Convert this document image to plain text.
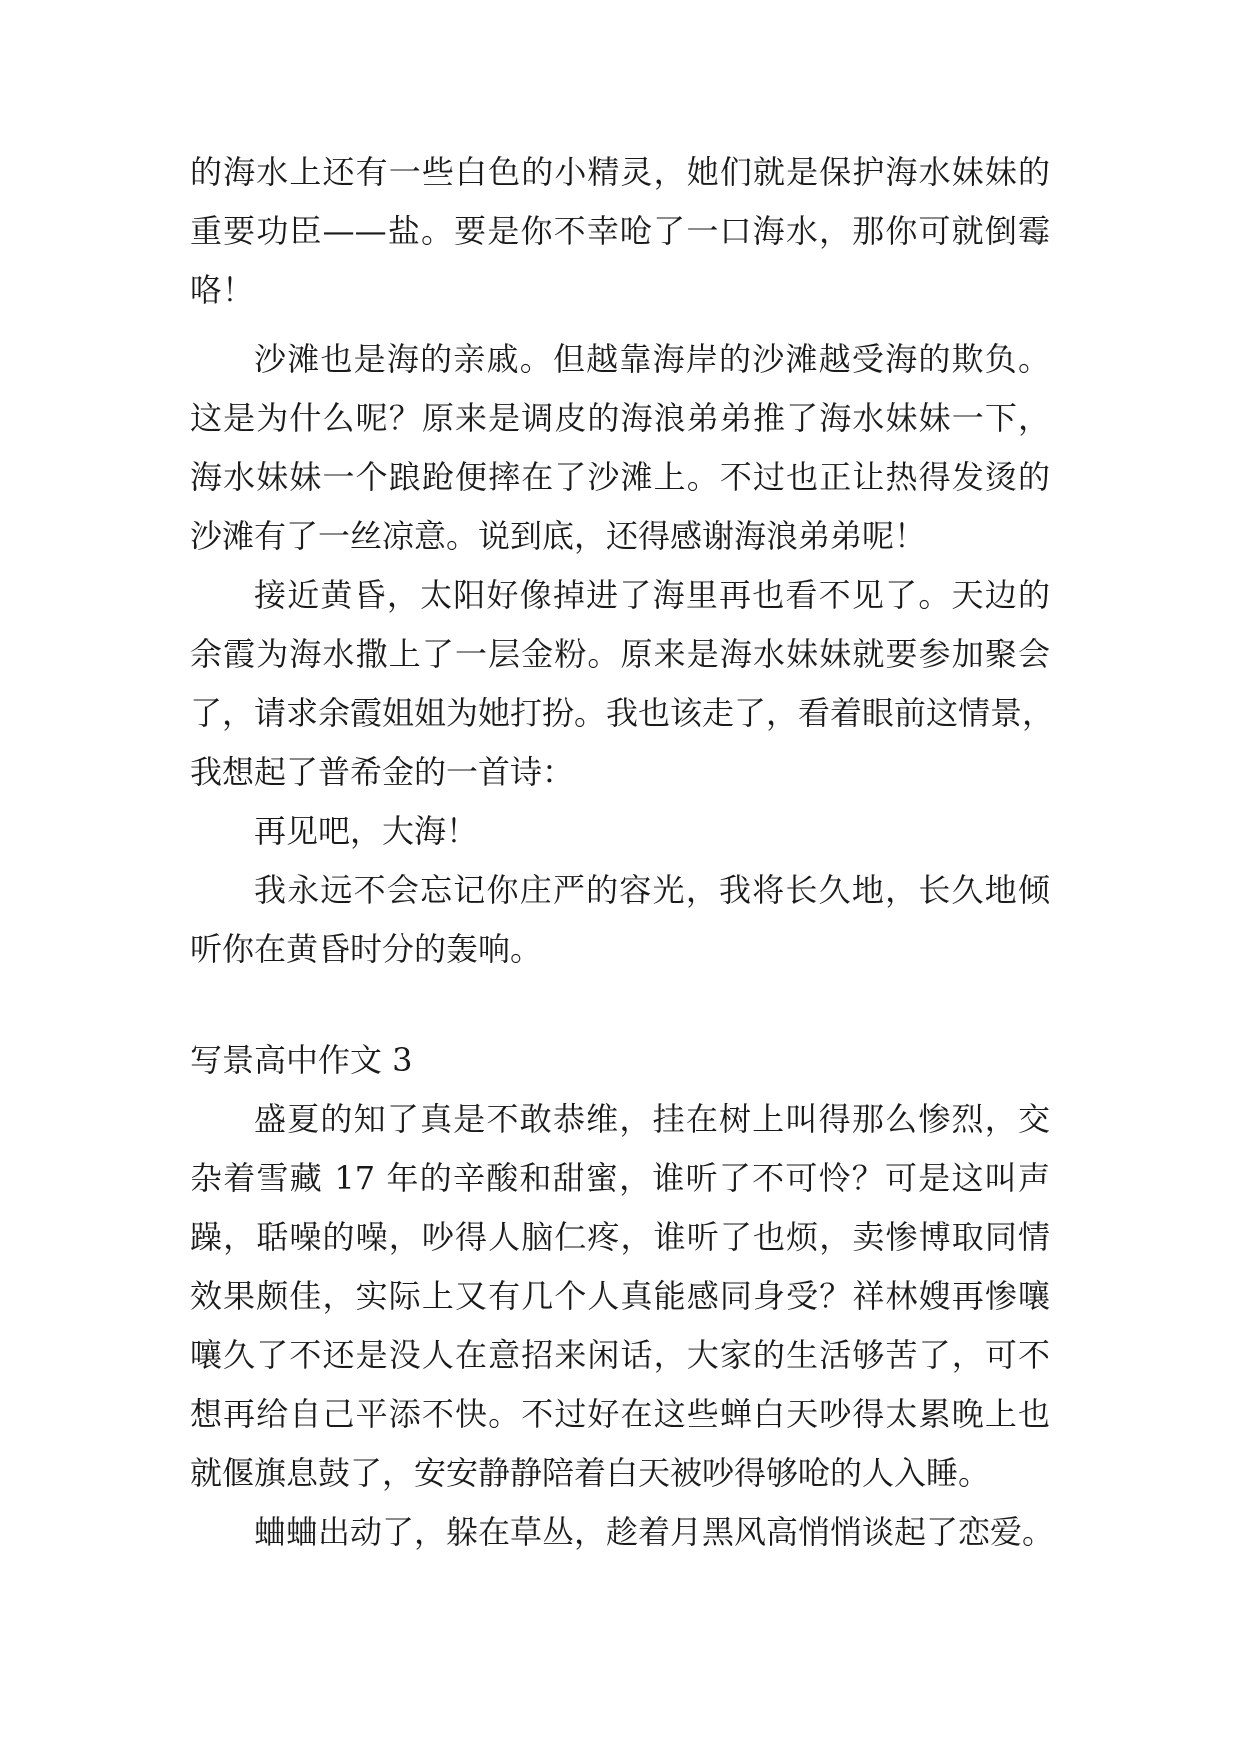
的海水上还有一些白色的小精灵，她们就是保护海水妹妹的
重要功臣——盐。要是你不幸呛了一口海水，那你可就倒霉
咯！
沙滩也是海的亲戚。但越靠海岸的沙滩越受海的欺负。
这是为什么呢？原来是调皮的海浪弟弟推了海水妹妹一下，
海水妹妹一个踉跄便摔在了沙滩上。不过也正让热得发烫的
沙滩有了一丝凉意。说到底，还得感谢海浪弟弟呢！
接近黄昏，太阳好像掉进了海里再也看不见了。天边的
余霞为海水撒上了一层金粉。原来是海水妹妹就要参加聚会
了，请求余霞姐姐为她打扮。我也该走了，看着眼前这情景，
我想起了普希金的一首诗：
再见吧，大海！
我永远不会忘记你庄严的容光，我将长久地，长久地倾
听你在黄昏时分的轰响。
写景高中作文 3
盛夏的知了真是不敢恭维，挂在树上叫得那么惨烈，交
杂着雪藏 17 年的辛酸和甜蜜，谁听了不可怜？可是这叫声
躁，聒噪的噪，吵得人脑仁疼，谁听了也烦，卖惨博取同情
效果颇佳，实际上又有几个人真能感同身受？祥林嫂再惨嚷
嚷久了不还是没人在意招来闲话，大家的生活够苦了，可不
想再给自己平添不快。不过好在这些蝉白天吵得太累晚上也
就偃旗息鼓了，安安静静陪着白天被吵得够呛的人入睡。
蛐蛐出动了，躲在草丛，趁着月黑风高悄悄谈起了恋爱。
